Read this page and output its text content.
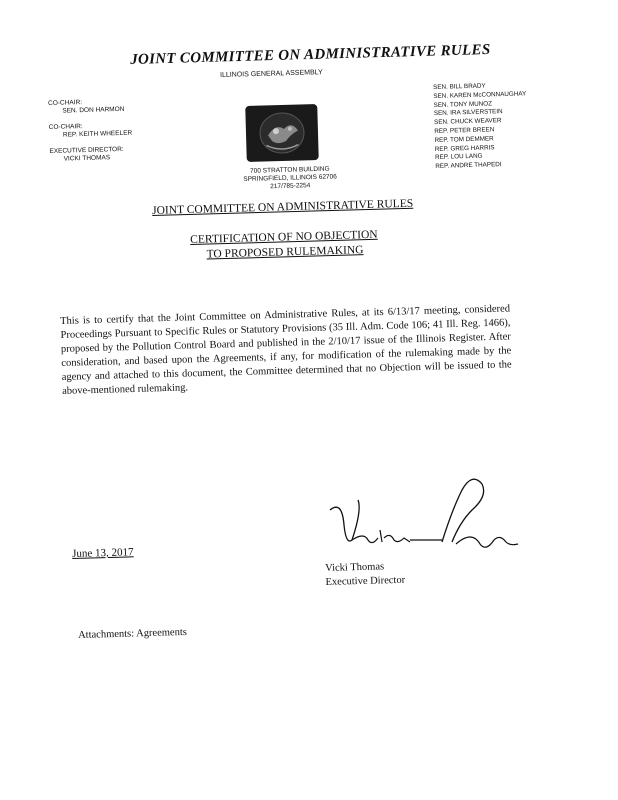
JOINT COMMITTEE ON ADMINISTRATIVE RULES
ILLINOIS GENERAL ASSEMBLY
CO-CHAIR:
SEN. DON HARMON
CO-CHAIR:
REP. KEITH WHEELER
EXECUTIVE DIRECTOR:
VICKI THOMAS
700 STRATTON BUILDING
SPRINGFIELD, ILLINOIS 62706
217/785-2254
SEN. BILL BRADY
SEN. KAREN McCONNAUGHAY
SEN. TONY MUNOZ
SEN. IRA SILVERSTEIN
SEN. CHUCK WEAVER
REP. PETER BREEN
REP. TOM DEMMER
REP. GREG HARRIS
REP. LOU LANG
REP. ANDRE THAPEDI
JOINT COMMITTEE ON ADMINISTRATIVE RULES
CERTIFICATION OF NO OBJECTION
TO PROPOSED RULEMAKING
This is to certify that the Joint Committee on Administrative Rules, at its 6/13/17 meeting, considered Proceedings Pursuant to Specific Rules or Statutory Provisions (35 Ill. Adm. Code 106; 41 Ill. Reg. 1466), proposed by the Pollution Control Board and published in the 2/10/17 issue of the Illinois Register. After consideration, and based upon the Agreements, if any, for modification of the rulemaking made by the agency and attached to this document, the Committee determined that no Objection will be issued to the above-mentioned rulemaking.
June 13, 2017
Vicki Thomas
Executive Director
Attachments: Agreements
